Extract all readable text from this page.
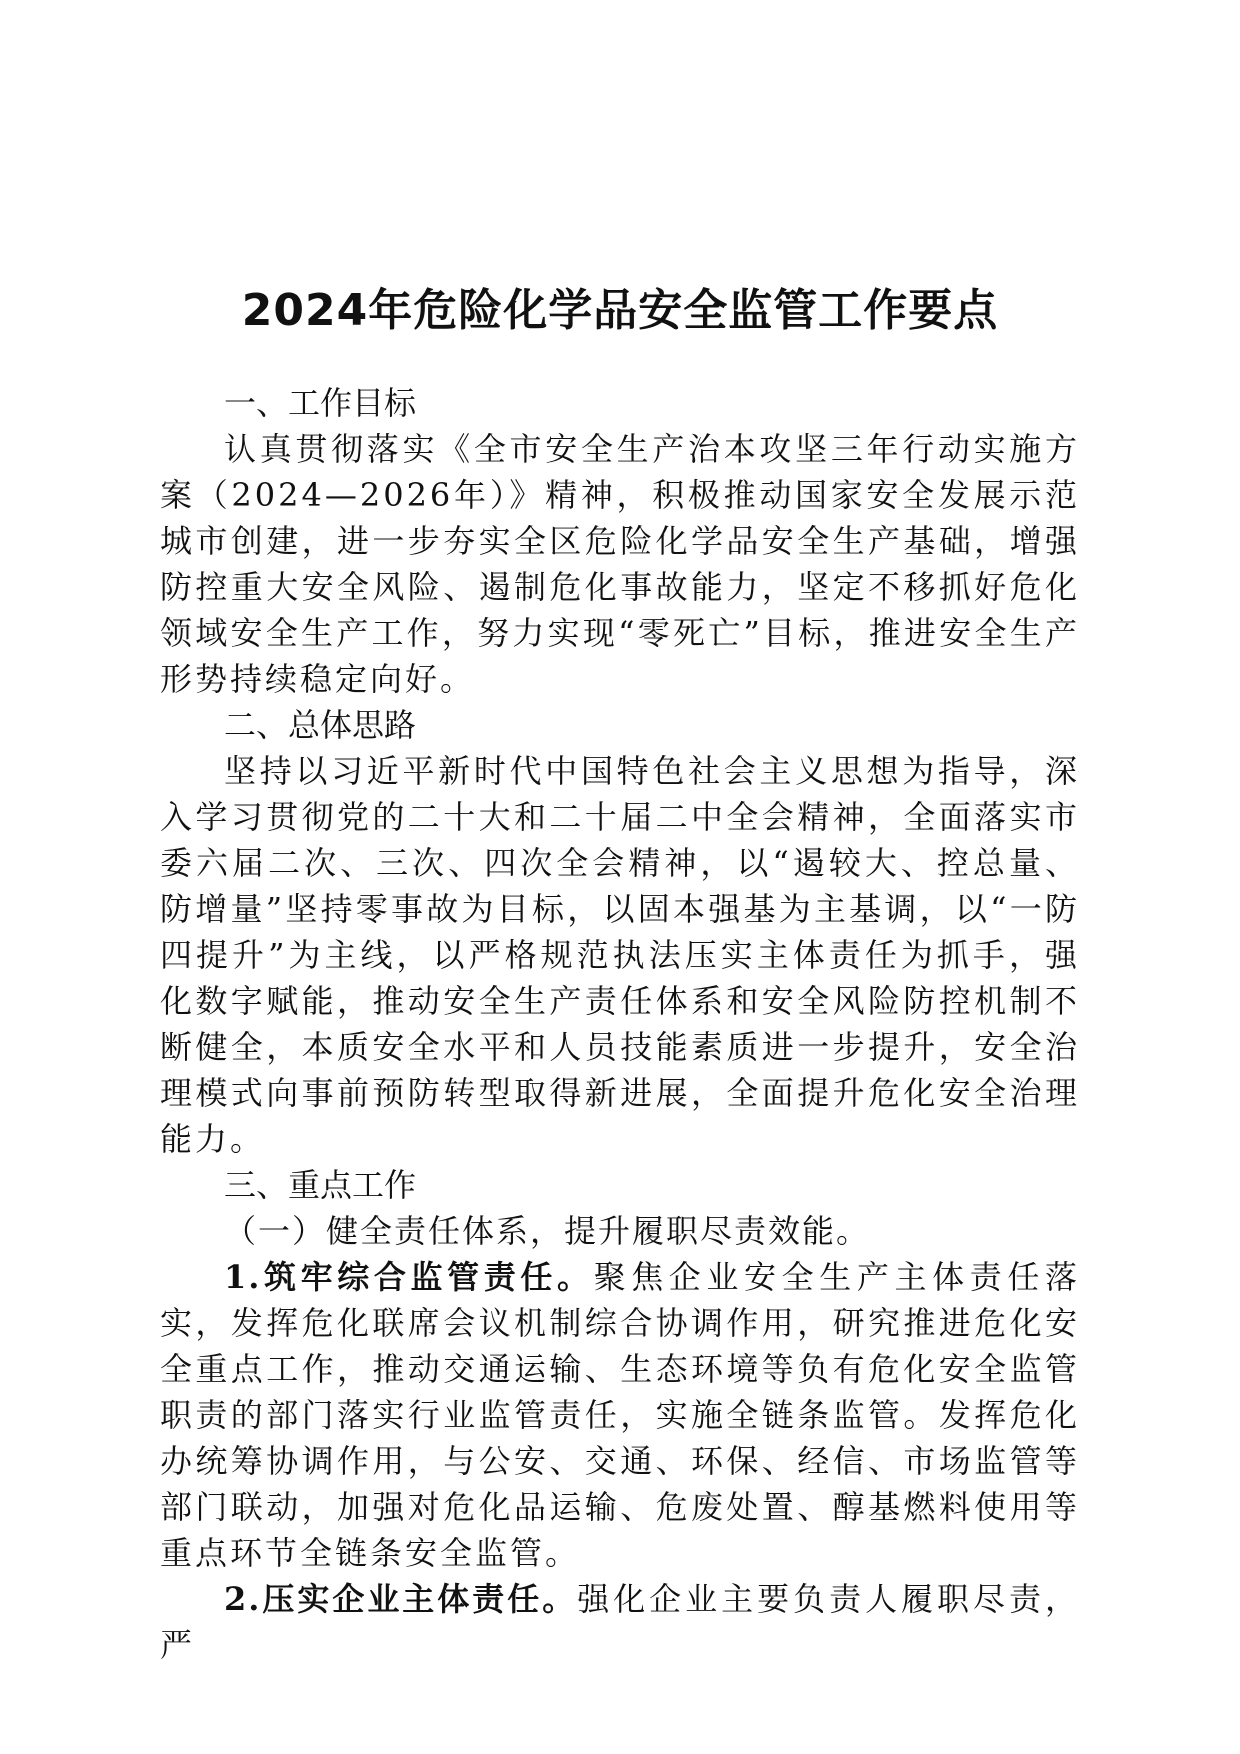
2024年危险化学品安全监管工作要点
一、工作目标

认真贯彻落实《全市安全生产治本攻坚三年行动实施方案（2024—2026年）》精神，积极推动国家安全发展示范城市创建，进一步夯实全区危险化学品安全生产基础，增强防控重大安全风险、遏制危化事故能力，坚定不移抓好危化领域安全生产工作，努力实现“零死亡”目标，推进安全生产形势持续稳定向好。

二、总体思路

坚持以习近平新时代中国特色社会主义思想为指导，深入学习贯彻党的二十大和二十届二中全会精神，全面落实市委六届二次、三次、四次全会精神，以“遏较大、控总量、防增量”坚持零事故为目标，以固本强基为主基调，以“一防四提升”为主线，以严格规范执法压实主体责任为抓手，强化数字赋能，推动安全生产责任体系和安全风险防控机制不断健全，本质安全水平和人员技能素质进一步提升，安全治理模式向事前预防转型取得新进展，全面提升危化安全治理能力。

三、重点工作

（一）健全责任体系，提升履职尽责效能。

1.筑牢综合监管责任。聚焦企业安全生产主体责任落实，发挥危化联席会议机制综合协调作用，研究推进危化安全重点工作，推动交通运输、生态环境等负有危化安全监管职责的部门落实行业监管责任，实施全链条监管。发挥危化办统筹协调作用，与公安、交通、环保、经信、市场监管等部门联动，加强对危化品运输、危废处置、醇基燃料使用等重点环节全链条安全监管。

2.压实企业主体责任。强化企业主要负责人履职尽责，严
